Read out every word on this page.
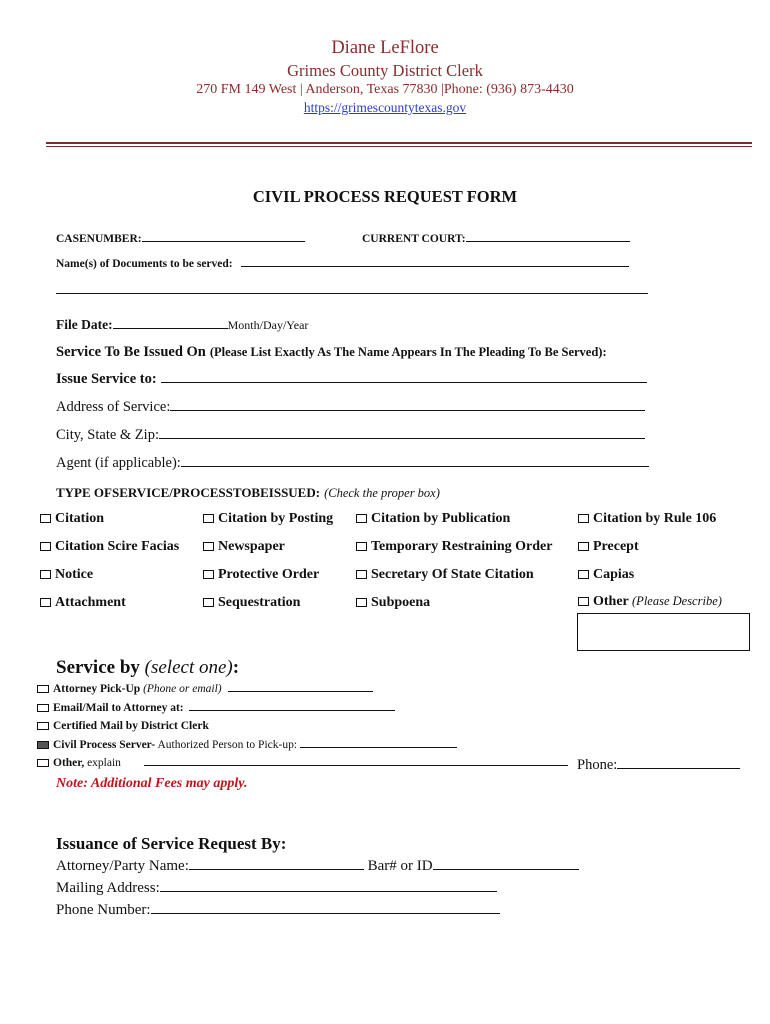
Diane LeFlore
Grimes County District Clerk
270 FM 149 West | Anderson, Texas 77830 |Phone: (936) 873-4430
https://grimescountytexas.gov
CIVIL PROCESS REQUEST FORM
CASENUMBER:	CURRENT COURT:
Name(s) of Documents to be served:
File Date:	Month/Day/Year
Service To Be Issued On (Please List Exactly As The Name Appears In The Pleading To Be Served):
Issue Service to:
Address of Service:
City, State & Zip:
Agent (if applicable):
TYPE OFSERVICE/PROCESSTOBEISSUED: (Check the proper box)
Citation	Citation by Posting	Citation by Publication	Citation by Rule 106
Citation Scire Facias	Newspaper	Temporary Restraining Order	Precept
Notice	Protective Order	Secretary Of State Citation	Capias
Attachment	Sequestration	Subpoena	Other (Please Describe)
Service by (select one):
Attorney Pick-Up (Phone or email)
Email/Mail to Attorney at:
Certified Mail by District Clerk
Civil Process Server- Authorized Person to Pick-up:
Other, explain	Phone:
Note: Additional Fees may apply.
Issuance of Service Request By:
Attorney/Party Name:	Bar# or ID
Mailing Address:
Phone Number:
